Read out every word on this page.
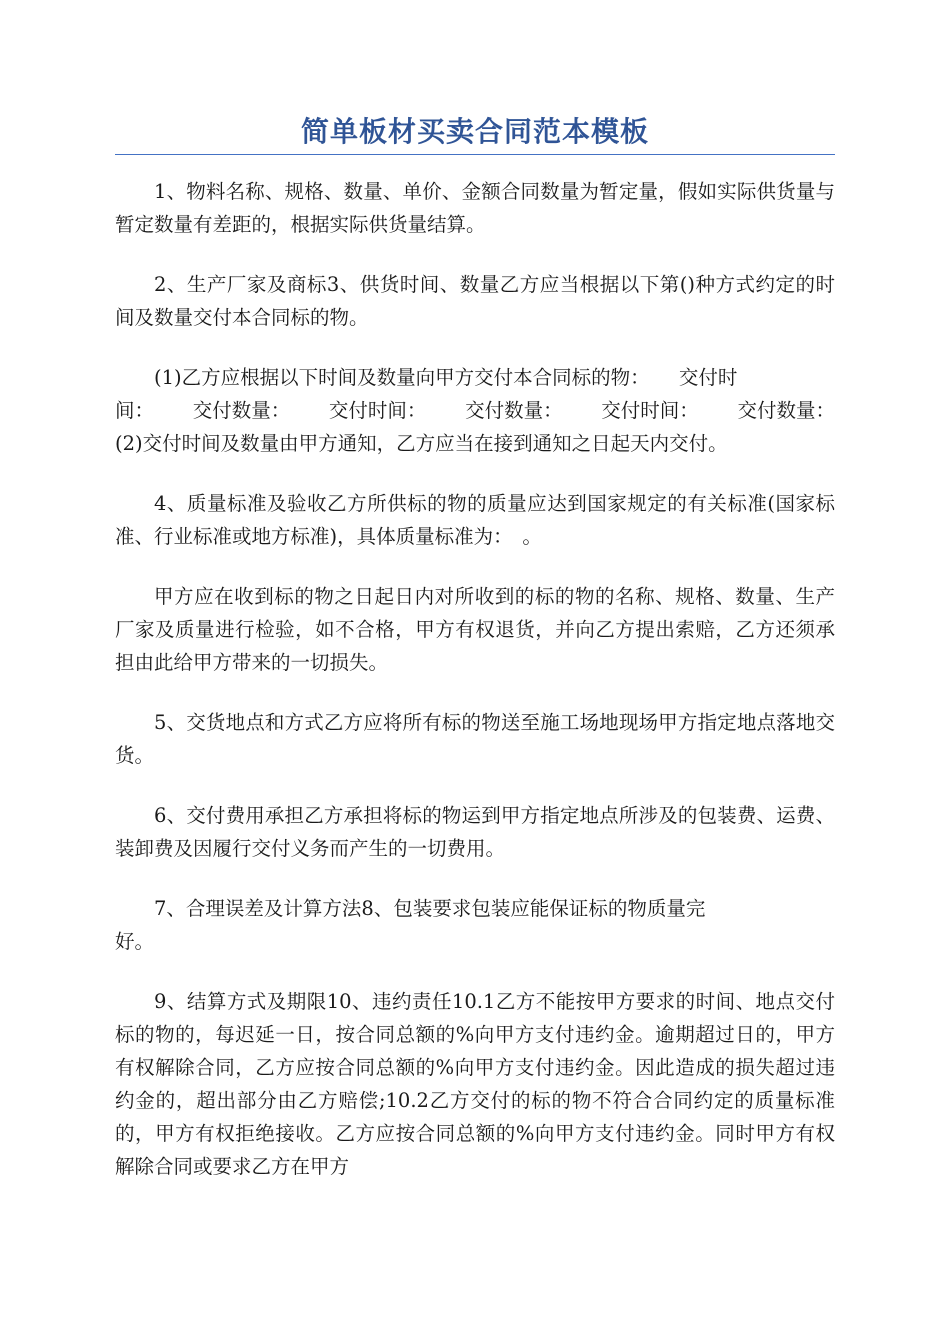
简单板材买卖合同范本模板

1、物料名称、规格、数量、单价、金额合同数量为暂定量，假如实际供货量与暂定数量有差距的，根据实际供货量结算。

2、生产厂家及商标3、供货时间、数量乙方应当根据以下第()种方式约定的时间及数量交付本合同标的物。

(1)乙方应根据以下时间及数量向甲方交付本合同标的物：　　交付时
间： 交付数量： 交付时间： 交付数量： 交付时间： 交付数量：
(2)交付时间及数量由甲方通知，乙方应当在接到通知之日起天内交付。

4、质量标准及验收乙方所供标的物的质量应达到国家规定的有关标准(国家标准、行业标准或地方标准)，具体质量标准为：　。

甲方应在收到标的物之日起日内对所收到的标的物的名称、规格、数量、生产厂家及质量进行检验，如不合格，甲方有权退货，并向乙方提出索赔，乙方还须承担由此给甲方带来的一切损失。

5、交货地点和方式乙方应将所有标的物送至施工场地现场甲方指定地点落地交货。

6、交付费用承担乙方承担将标的物运到甲方指定地点所涉及的包装费、运费、装卸费及因履行交付义务而产生的一切费用。

7、合理误差及计算方法8、包装要求包装应能保证标的物质量完
好。

9、结算方式及期限10、违约责任10.1乙方不能按甲方要求的时间、地点交付标的物的，每迟延一日，按合同总额的%向甲方支付违约金。逾期超过日的，甲方有权解除合同，乙方应按合同总额的%向甲方支付违约金。因此造成的损失超过违约金的，超出部分由乙方赔偿;10.2乙方交付的标的物不符合合同约定的质量标准的，甲方有权拒绝接收。乙方应按合同总额的%向甲方支付违约金。同时甲方有权解除合同或要求乙方在甲方
